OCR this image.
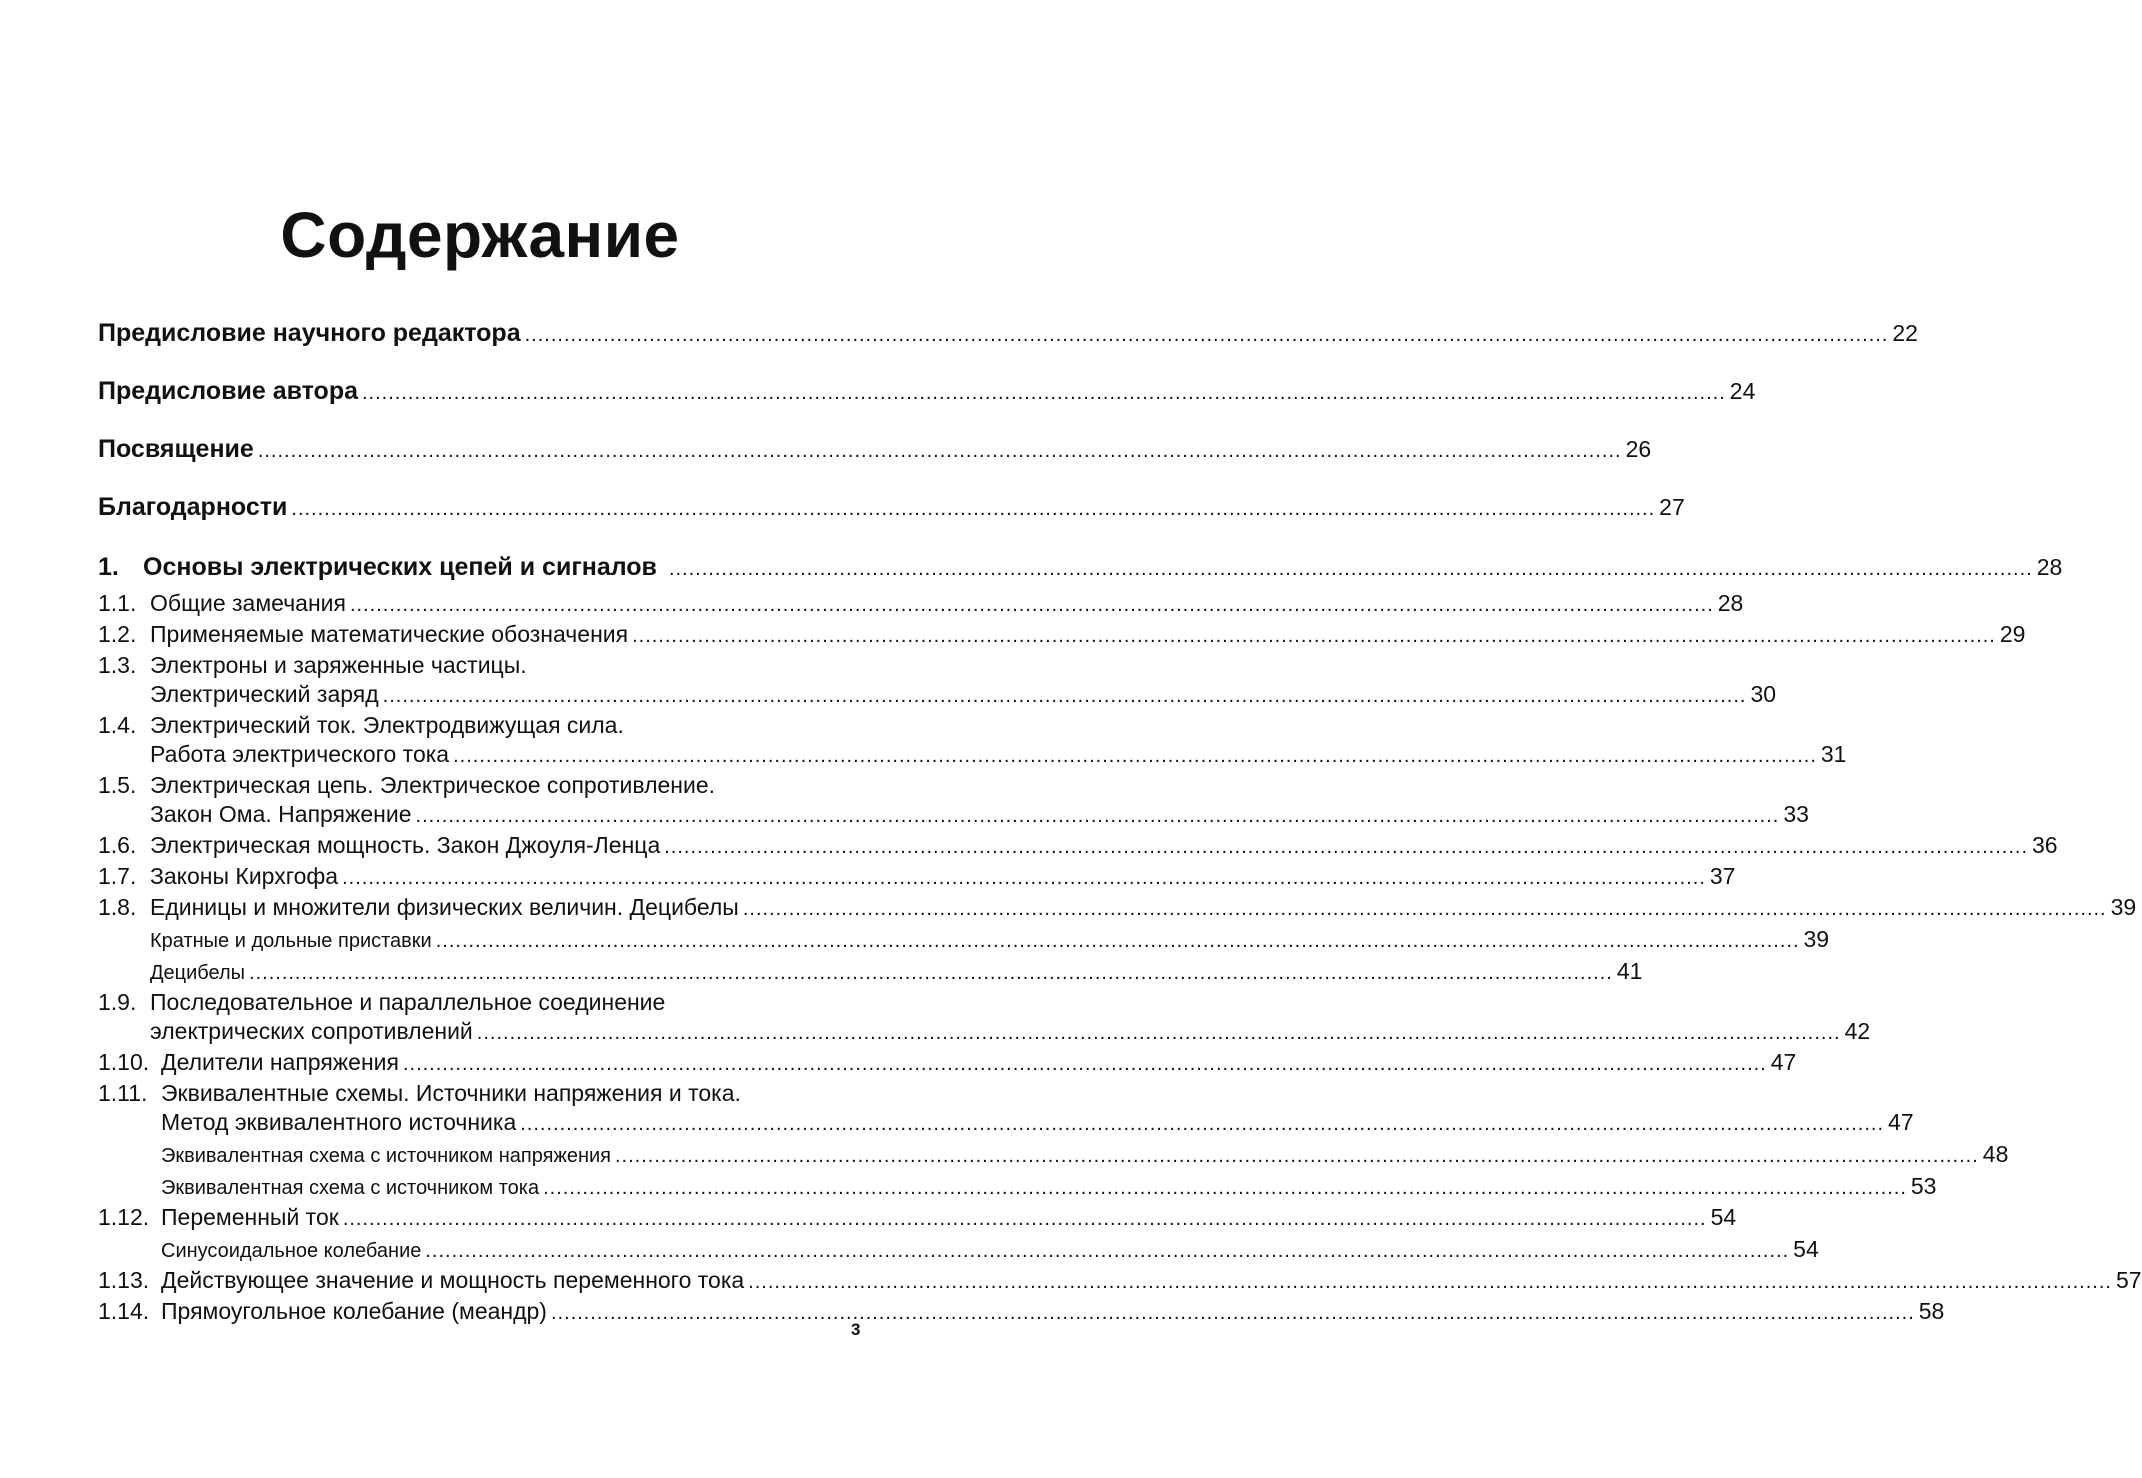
Содержание
Предисловие научного редактора .....	22
Предисловие автора .....	24
Посвящение .....	26
Благодарности .....	27
1. Основы электрических цепей и сигналов .....	28
1.1. Общие замечания .....	28
1.2. Применяемые математические обозначения .....	29
1.3. Электроны и заряженные частицы.
Электрический заряд .....	30
1.4. Электрический ток. Электродвижущая сила.
Работа электрического тока .....	31
1.5. Электрическая цепь. Электрическое сопротивление.
Закон Ома. Напряжение .....	33
1.6. Электрическая мощность. Закон Джоуля-Ленца .....	36
1.7. Законы Кирхгофа .....	37
1.8. Единицы и множители физических величин. Децибелы .....	39
Кратные и дольные приставки .....	39
Децибелы .....	41
1.9. Последовательное и параллельное соединение
электрических сопротивлений .....	42
1.10. Делители напряжения .....	47
1.11. Эквивалентные схемы. Источники напряжения и тока.
Метод эквивалентного источника .....	47
Эквивалентная схема с источником напряжения .....	48
Эквивалентная схема с источником тока .....	53
1.12. Переменный ток .....	54
Синусоидальное колебание .....	54
1.13. Действующее значение и мощность переменного тока .....	57
1.14. Прямоугольное колебание (меандр) .....	58
3
